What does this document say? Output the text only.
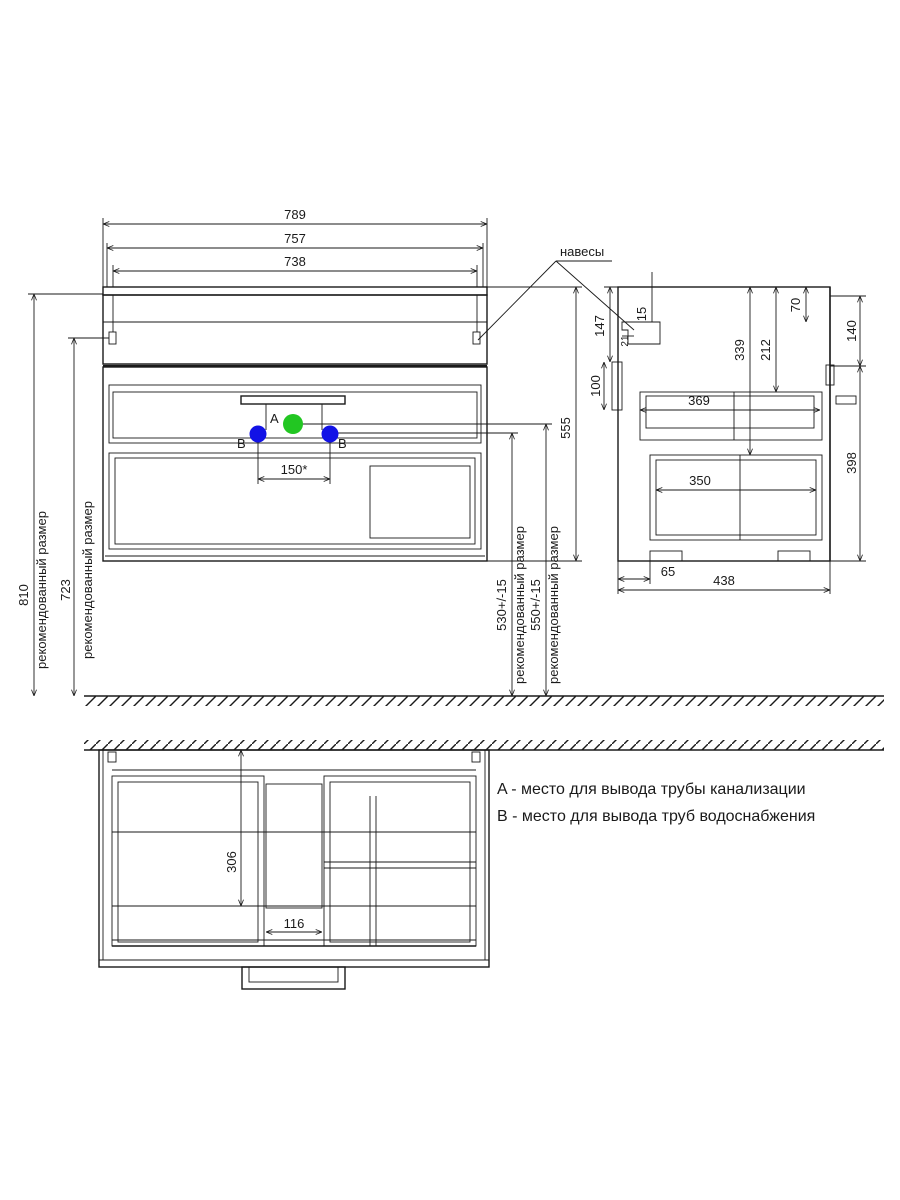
789
757
738
810 рекомендованный размер 723 рекомендованный размер
555
530+/-15 рекомендованный размер 550+/-15 рекомендованный размер
150*
A
B	B
навесы
15
147
21
100
339 212
70
140
398
369
350
65
438
306
116
A - место для вывода трубы канализации
B - место для вывода труб водоснабжения
